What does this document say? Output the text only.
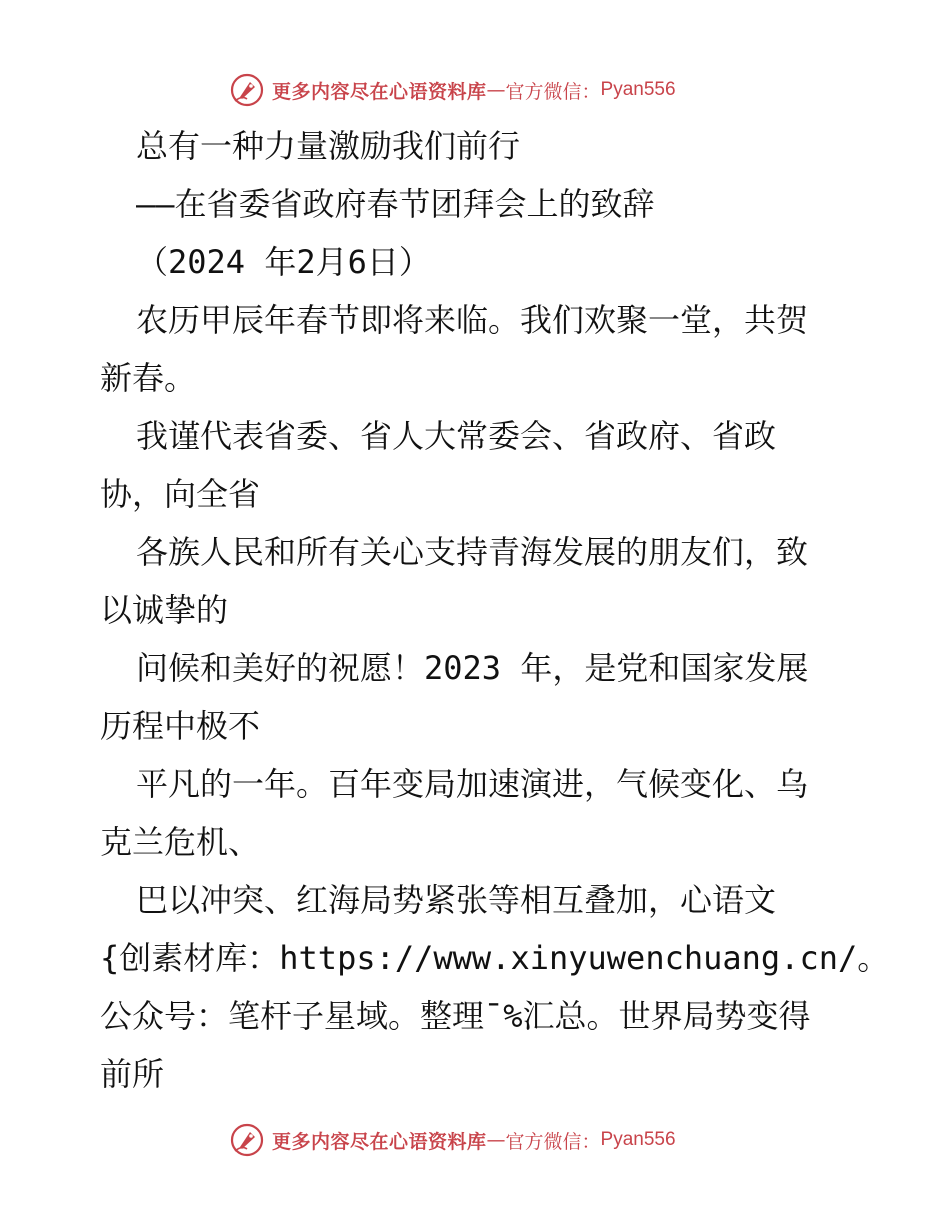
更多内容尽在心语资料库 — 官方微信： Pyan556
总有一种力量激励我们前行
——在省委省政府春节团拜会上的致辞
（2024 年2月6日）
农历甲辰年春节即将来临。我们欢聚一堂，共贺
新春。
我谨代表省委、省人大常委会、省政府、省政
协，向全省
各族人民和所有关心支持青海发展的朋友们，致
以诚挚的
问候和美好的祝愿！2023 年，是党和国家发展
历程中极不
平凡的一年。百年变局加速演进，气候变化、乌
克兰危机、
巴以冲突、红海局势紧张等相互叠加，心语文
{创素材库：https://www.xinyuwenchuang.cn/。
公众号：笔杆子星域。整理¯%汇总。世界局势变得
前所
更多内容尽在心语资料库 — 官方微信： Pyan556
